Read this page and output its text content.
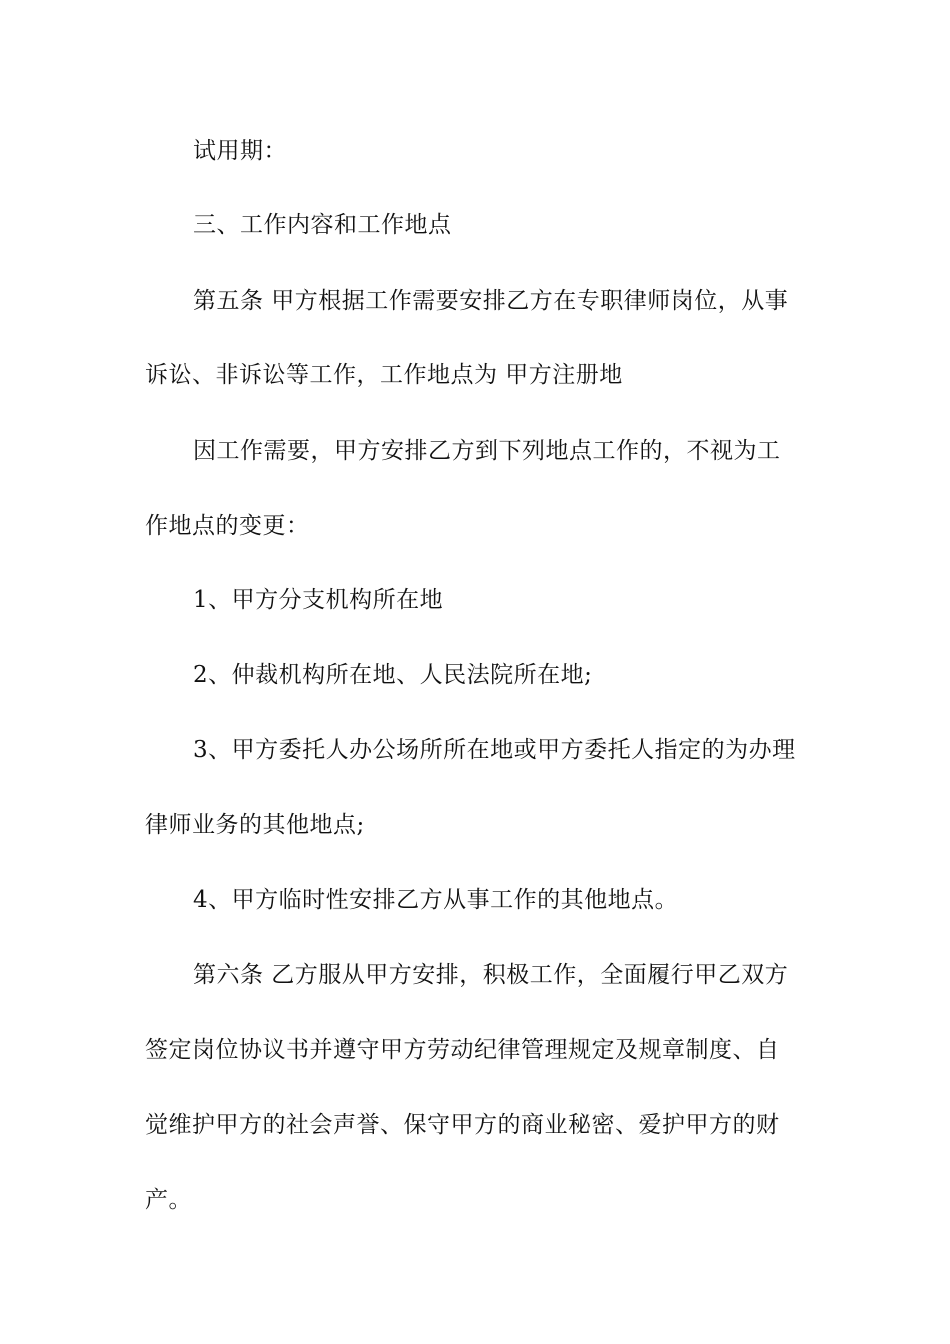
试用期：
三、工作内容和工作地点
第五条 甲方根据工作需要安排乙方在专职律师岗位，从事
诉讼、非诉讼等工作，工作地点为 甲方注册地
因工作需要，甲方安排乙方到下列地点工作的，不视为工
作地点的变更：
1、甲方分支机构所在地
2、仲裁机构所在地、人民法院所在地;
3、甲方委托人办公场所所在地或甲方委托人指定的为办理
律师业务的其他地点;
4、甲方临时性安排乙方从事工作的其他地点。
第六条 乙方服从甲方安排，积极工作，全面履行甲乙双方
签定岗位协议书并遵守甲方劳动纪律管理规定及规章制度、自
觉维护甲方的社会声誉、保守甲方的商业秘密、爱护甲方的财
产。
